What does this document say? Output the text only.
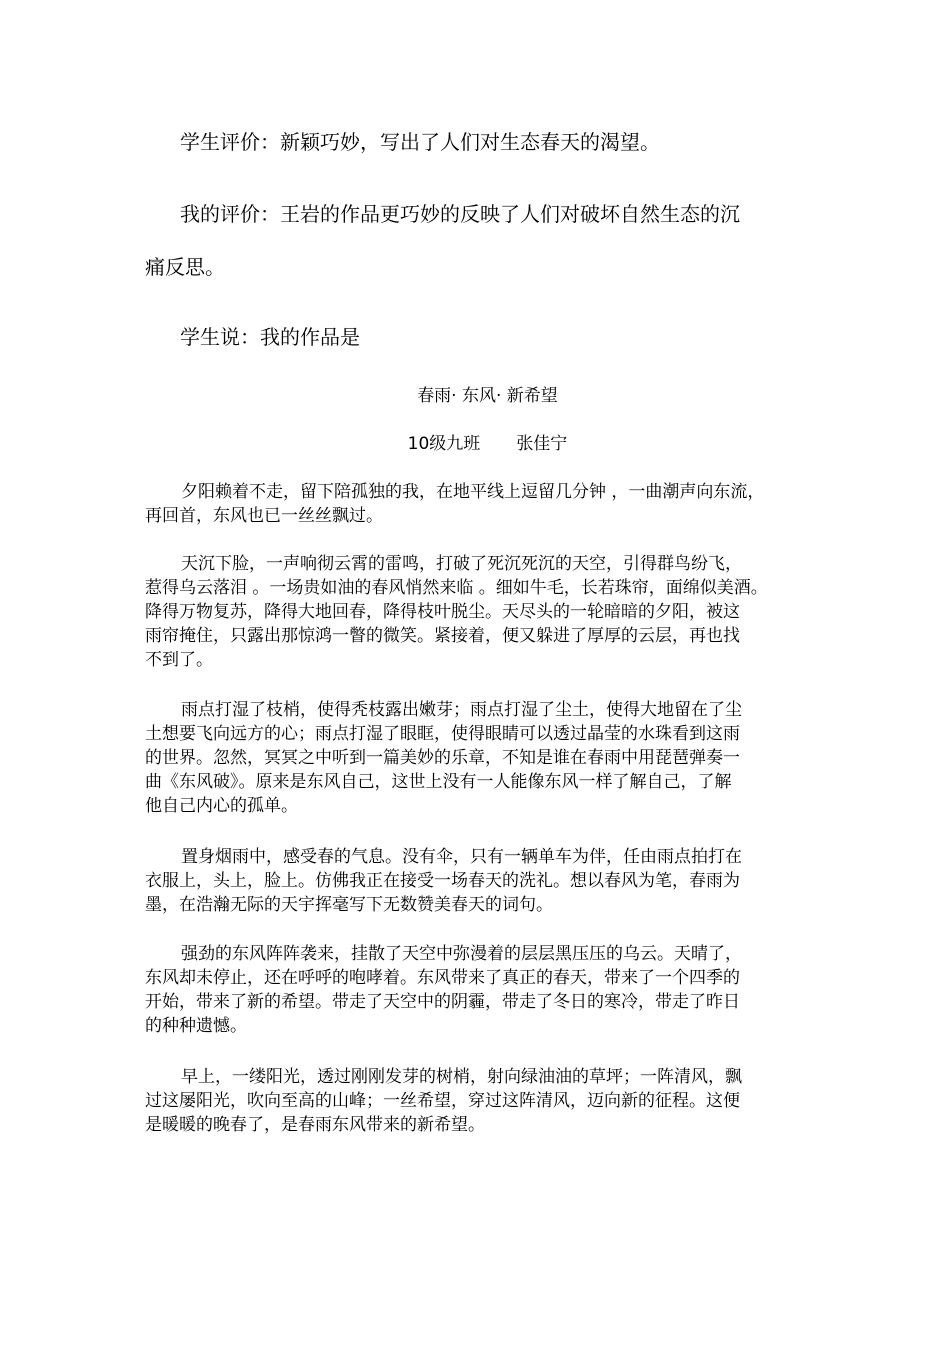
学生评价：新颖巧妙，写出了人们对生态春天的渴望。
我的评价：王岩的作品更巧妙的反映了人们对破坏自然生态的沉
痛反思。
学生说：我的作品是
春雨· 东风· 新希望
10级九班 张佳宁
夕阳赖着不走，留下陪孤独的我，在地平线上逗留几分钟 ，一曲潮声向东流，
再回首，东风也已一丝丝飘过。
天沉下脸，一声响彻云霄的雷鸣，打破了死沉死沉的天空，引得群鸟纷飞，
惹得乌云落泪 。一场贵如油的春风悄然来临 。细如牛毛，长若珠帘，面绵似美酒。
降得万物复苏，降得大地回春，降得枝叶脱尘。天尽头的一轮暗暗的夕阳，被这
雨帘掩住，只露出那惊鸿一瞥的微笑。紧接着，便又躲进了厚厚的云层，再也找
不到了。
雨点打湿了枝梢，使得秃枝露出嫩芽；雨点打湿了尘土，使得大地留在了尘
土想要飞向远方的心；雨点打湿了眼眶，使得眼睛可以透过晶莹的水珠看到这雨
的世界。忽然，冥冥之中听到一篇美妙的乐章，不知是谁在春雨中用琵琶弹奏一
曲《东风破》。原来是东风自己，这世上没有一人能像东风一样了解自己，了解
他自己内心的孤单。
置身烟雨中，感受春的气息。没有伞，只有一辆单车为伴，任由雨点拍打在
衣服上，头上，脸上。仿佛我正在接受一场春天的洗礼。想以春风为笔，春雨为
墨，在浩瀚无际的天宇挥毫写下无数赞美春天的词句。
强劲的东风阵阵袭来，挂散了天空中弥漫着的层层黑压压的乌云。天晴了，
东风却未停止，还在呼呼的咆哮着。东风带来了真正的春天，带来了一个四季的
开始，带来了新的希望。带走了天空中的阴霾，带走了冬日的寒冷，带走了昨日
的种种遗憾。
早上，一缕阳光，透过刚刚发芽的树梢，射向绿油油的草坪；一阵清风，飘
过这屡阳光，吹向至高的山峰；一丝希望，穿过这阵清风，迈向新的征程。这便
是暖暖的晚春了，是春雨东风带来的新希望。
